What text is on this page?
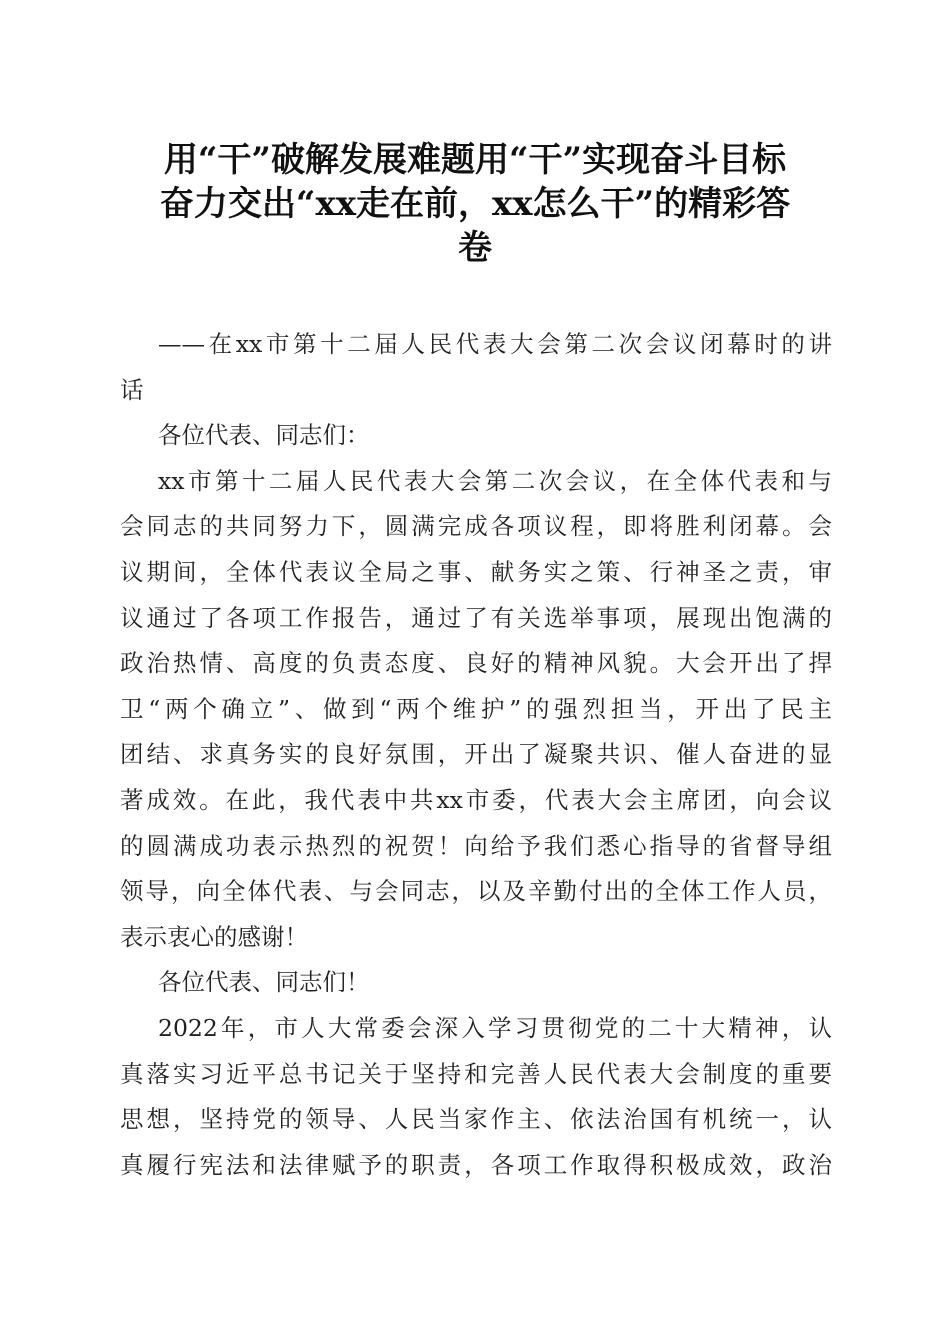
用“干”破解发展难题用“干”实现奋斗目标
奋力交出“xx走在前，xx怎么干”的精彩答
卷
——在xx市第十二届人民代表大会第二次会议闭幕时的讲
话
各位代表、同志们：
xx市第十二届人民代表大会第二次会议，在全体代表和与
会同志的共同努力下，圆满完成各项议程，即将胜利闭幕。会
议期间，全体代表议全局之事、献务实之策、行神圣之责，审
议通过了各项工作报告，通过了有关选举事项，展现出饱满的
政治热情、高度的负责态度、良好的精神风貌。大会开出了捍
卫“两个确立”、做到“两个维护”的强烈担当，开出了民主
团结、求真务实的良好氛围，开出了凝聚共识、催人奋进的显
著成效。在此，我代表中共xx市委，代表大会主席团，向会议
的圆满成功表示热烈的祝贺！向给予我们悉心指导的省督导组
领导，向全体代表、与会同志，以及辛勤付出的全体工作人员，
表示衷心的感谢！
各位代表、同志们！
2022年，市人大常委会深入学习贯彻党的二十大精神，认
真落实习近平总书记关于坚持和完善人民代表大会制度的重要
思想，坚持党的领导、人民当家作主、依法治国有机统一，认
真履行宪法和法律赋予的职责，各项工作取得积极成效，政治
